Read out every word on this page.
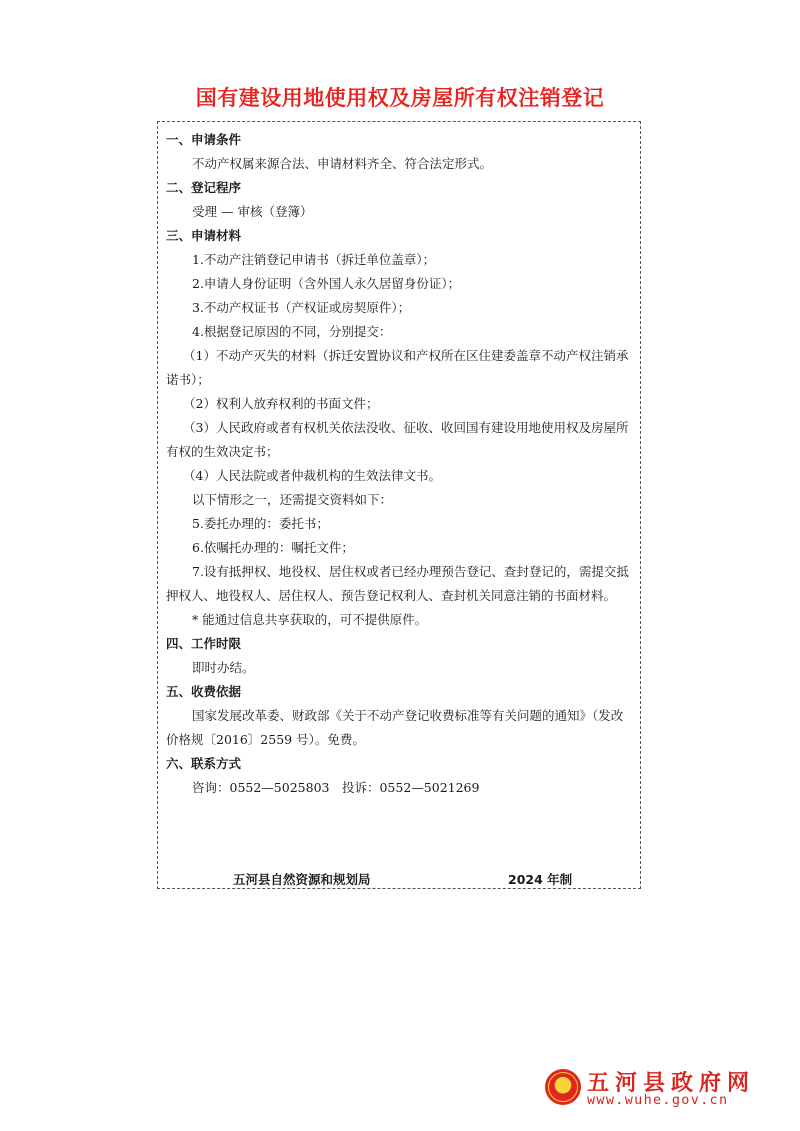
国有建设用地使用权及房屋所有权注销登记
一、申请条件
不动产权属来源合法、申请材料齐全、符合法定形式。
二、登记程序
受理 — 审核（登簿）
三、申请材料
1.不动产注销登记申请书（拆迁单位盖章）；
2.申请人身份证明（含外国人永久居留身份证）；
3.不动产权证书（产权证或房契原件）；
4.根据登记原因的不同，分别提交：
（1）不动产灭失的材料（拆迁安置协议和产权所在区住建委盖章不动产权注销承诺书）；
（2）权利人放弃权利的书面文件；
（3）人民政府或者有权机关依法没收、征收、收回国有建设用地使用权及房屋所有权的生效决定书；
（4）人民法院或者仲裁机构的生效法律文书。
以下情形之一，还需提交资料如下：
5.委托办理的：委托书；
6.依嘱托办理的：嘱托文件；
7.设有抵押权、地役权、居住权或者已经办理预告登记、查封登记的，需提交抵押权人、地役权人、居住权人、预告登记权利人、查封机关同意注销的书面材料。
* 能通过信息共享获取的，可不提供原件。
四、工作时限
即时办结。
五、收费依据
国家发展改革委、财政部《关于不动产登记收费标准等有关问题的通知》（发改价格规〔2016〕2559 号）。免费。
六、联系方式
咨询：0552—5025803　投诉：0552—5021269
五河县自然资源和规划局	2024 年制
五河县政府网
www.wuhe.gov.cn
